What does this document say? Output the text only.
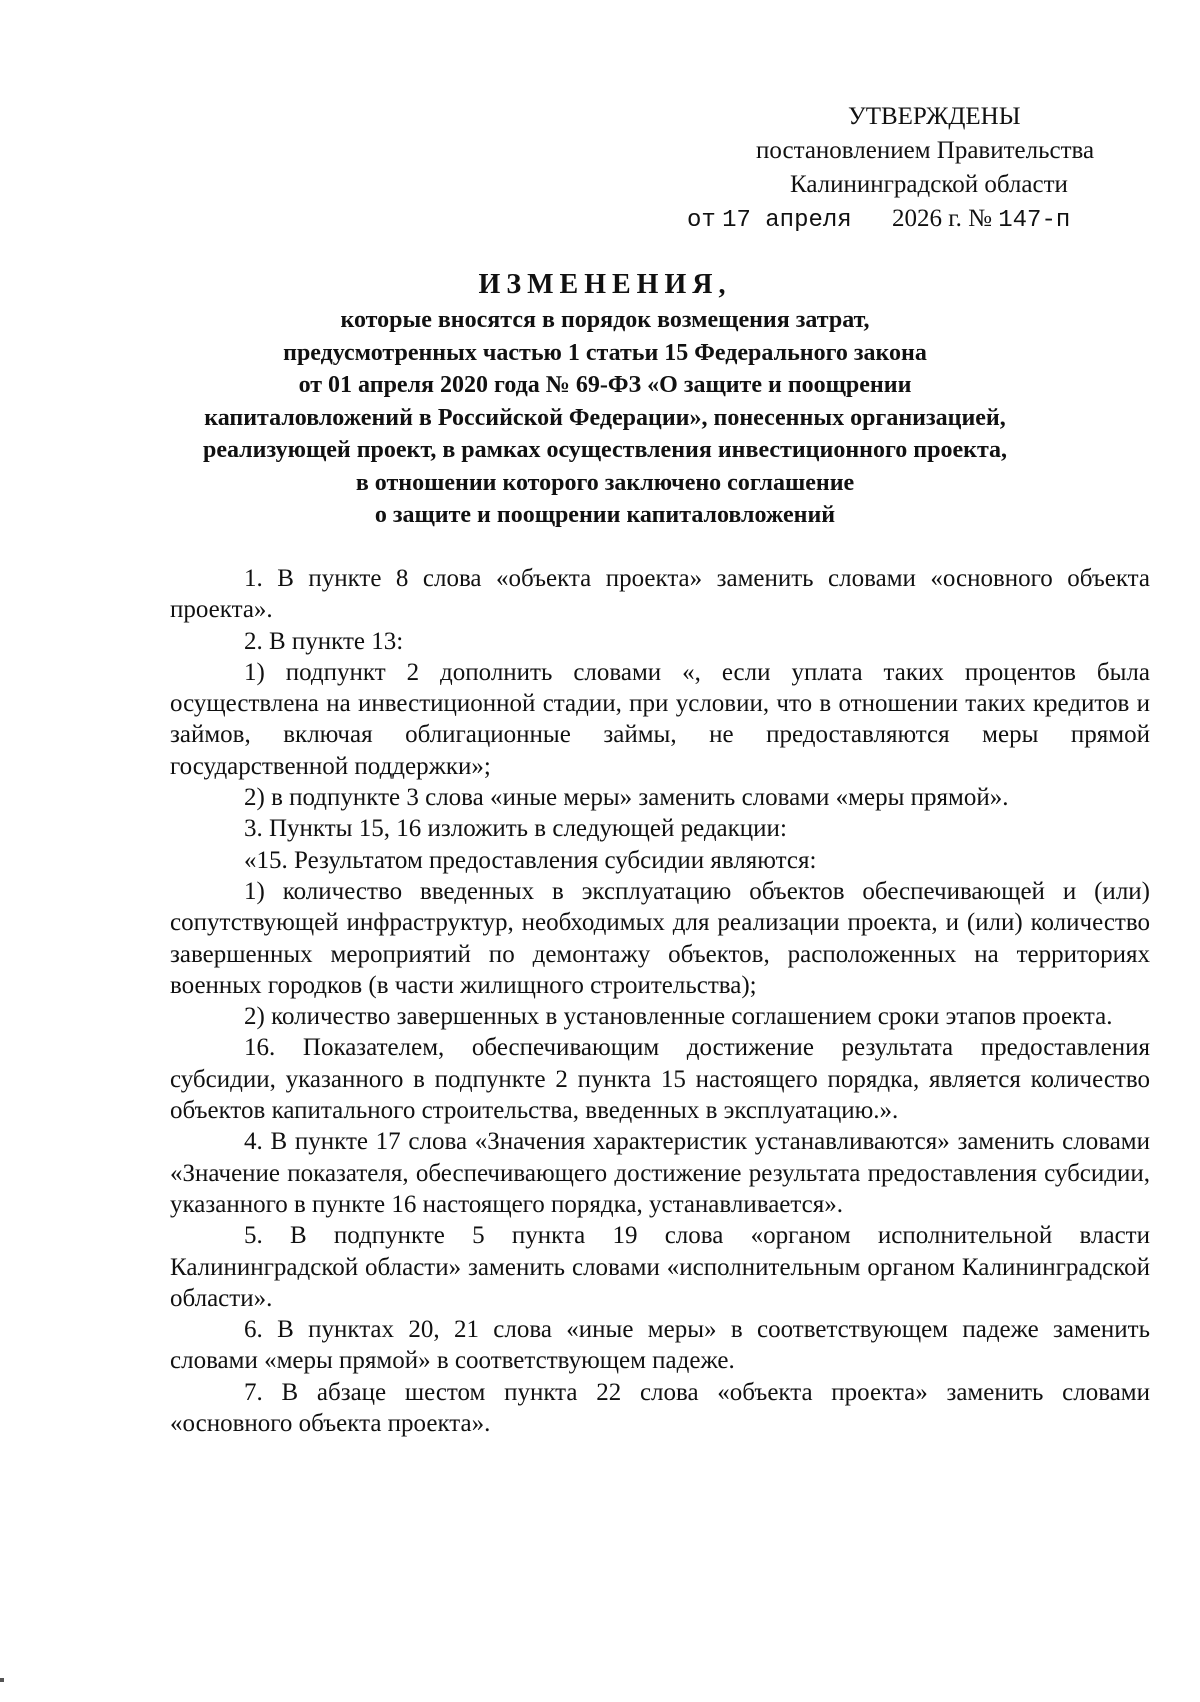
УТВЕРЖДЕНЫ
постановлением Правительства
Калининградской области
от 17 апреля 2026 г. № 147-п
ИЗМЕНЕНИЯ,
которые вносятся в порядок возмещения затрат,
предусмотренных частью 1 статьи 15 Федерального закона
от 01 апреля 2020 года № 69-ФЗ «О защите и поощрении
капиталовложений в Российской Федерации», понесенных организацией,
реализующей проект, в рамках осуществления инвестиционного проекта,
в отношении которого заключено соглашение
о защите и поощрении капиталовложений

1. В пункте 8 слова «объекта проекта» заменить словами «основного объекта проекта».

2. В пункте 13:

1) подпункт 2 дополнить словами «, если уплата таких процентов была осуществлена на инвестиционной стадии, при условии, что в отношении таких кредитов и займов, включая облигационные займы, не предоставляются меры прямой государственной поддержки»;

2) в подпункте 3 слова «иные меры» заменить словами «меры прямой».

3. Пункты 15, 16 изложить в следующей редакции:

«15. Результатом предоставления субсидии являются:

1) количество введенных в эксплуатацию объектов обеспечивающей и (или) сопутствующей инфраструктур, необходимых для реализации проекта, и (или) количество завершенных мероприятий по демонтажу объектов, расположенных на территориях военных городков (в части жилищного строительства);

2) количество завершенных в установленные соглашением сроки этапов проекта.

16. Показателем, обеспечивающим достижение результата предоставления субсидии, указанного в подпункте 2 пункта 15 настоящего порядка, является количество объектов капитального строительства, введенных в эксплуатацию.».

4. В пункте 17 слова «Значения характеристик устанавливаются» заменить словами «Значение показателя, обеспечивающего достижение результата предоставления субсидии, указанного в пункте 16 настоящего порядка, устанавливается».

5. В подпункте 5 пункта 19 слова «органом исполнительной власти Калининградской области» заменить словами «исполнительным органом Калининградской области».

6. В пунктах 20, 21 слова «иные меры» в соответствующем падеже заменить словами «меры прямой» в соответствующем падеже.

7. В абзаце шестом пункта 22 слова «объекта проекта» заменить словами «основного объекта проекта».
